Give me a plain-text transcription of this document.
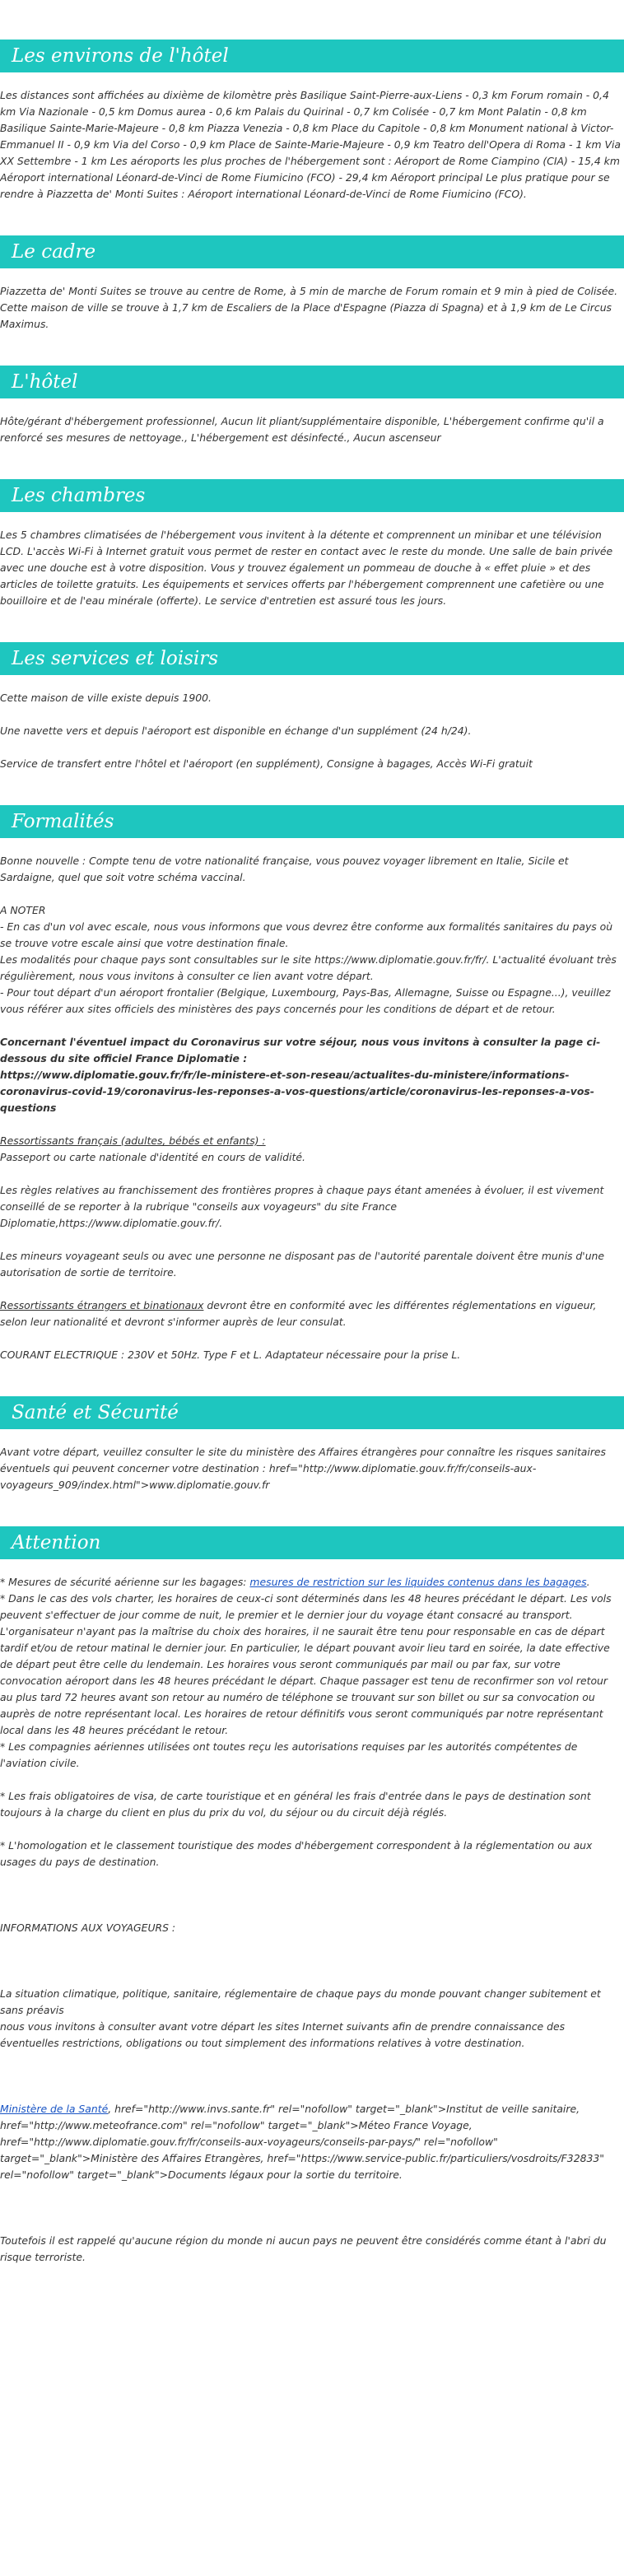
Les environs de l'hôtel

Les distances sont affichées au dixième de kilomètre près Basilique Saint-Pierre-aux-Liens - 0,3 km Forum romain - 0,4 km Via Nazionale - 0,5 km Domus aurea - 0,6 km Palais du Quirinal - 0,7 km Colisée - 0,7 km Mont Palatin - 0,8 km Basilique Sainte-Marie-Majeure - 0,8 km Piazza Venezia - 0,8 km Place du Capitole - 0,8 km Monument national à Victor-Emmanuel II - 0,9 km Via del Corso - 0,9 km Place de Sainte-Marie-Majeure - 0,9 km Teatro dell'Opera di Roma - 1 km Via XX Settembre - 1 km Les aéroports les plus proches de l'hébergement sont : Aéroport de Rome Ciampino (CIA) - 15,4 km Aéroport international Léonard-de-Vinci de Rome Fiumicino (FCO) - 29,4 km Aéroport principal Le plus pratique pour se rendre à Piazzetta de' Monti Suites : Aéroport international Léonard-de-Vinci de Rome Fiumicino (FCO).

Le cadre

Piazzetta de' Monti Suites se trouve au centre de Rome, à 5 min de marche de Forum romain et 9 min à pied de Colisée. Cette maison de ville se trouve à 1,7 km de Escaliers de la Place d'Espagne (Piazza di Spagna) et à 1,9 km de Le Circus Maximus.

L'hôtel

Hôte/gérant d'hébergement professionnel, Aucun lit pliant/supplémentaire disponible, L'hébergement confirme qu'il a renforcé ses mesures de nettoyage., L'hébergement est désinfecté., Aucun ascenseur

Les chambres

Les 5 chambres climatisées de l'hébergement vous invitent à la détente et comprennent un minibar et une télévision LCD. L'accès Wi-Fi à Internet gratuit vous permet de rester en contact avec le reste du monde. Une salle de bain privée avec une douche est à votre disposition. Vous y trouvez également un pommeau de douche à « effet pluie » et des articles de toilette gratuits. Les équipements et services offerts par l'hébergement comprennent une cafetière ou une bouilloire et de l'eau minérale (offerte). Le service d'entretien est assuré tous les jours.

Les services et loisirs

Cette maison de ville existe depuis 1900.

Une navette vers et depuis l'aéroport est disponible en échange d'un supplément (24 h/24).

Service de transfert entre l'hôtel et l'aéroport (en supplément), Consigne à bagages, Accès Wi-Fi gratuit

Formalités

Bonne nouvelle : Compte tenu de votre nationalité française, vous pouvez voyager librement en Italie, Sicile et Sardaigne, quel que soit votre schéma vaccinal.

A NOTER

- En cas d'un vol avec escale, nous vous informons que vous devrez être conforme aux formalités sanitaires du pays où se trouve votre escale ainsi que votre destination finale.

Les modalités pour chaque pays sont consultables sur le site https://www.diplomatie.gouv.fr/fr/. L'actualité évoluant très régulièrement, nous vous invitons à consulter ce lien avant votre départ.

- Pour tout départ d'un aéroport frontalier (Belgique, Luxembourg, Pays-Bas, Allemagne, Suisse ou Espagne...), veuillez vous référer aux sites officiels des ministères des pays concernés pour les conditions de départ et de retour.

Concernant l'éventuel impact du Coronavirus sur votre séjour, nous vous invitons à consulter la page ci-dessous du site officiel France Diplomatie :

https://www.diplomatie.gouv.fr/fr/le-ministere-et-son-reseau/actualites-du-ministere/informations-coronavirus-covid-19/coronavirus-les-reponses-a-vos-questions/article/coronavirus-les-reponses-a-vos-questions

Ressortissants français (adultes, bébés et enfants) :

Passeport ou carte nationale d'identité en cours de validité.

Les règles relatives au franchissement des frontières propres à chaque pays étant amenées à évoluer, il est vivement conseillé de se reporter à la rubrique "conseils aux voyageurs" du site France Diplomatie,https://www.diplomatie.gouv.fr/.

Les mineurs voyageant seuls ou avec une personne ne disposant pas de l'autorité parentale doivent être munis d'une autorisation de sortie de territoire.

Ressortissants étrangers et binationaux devront être en conformité avec les différentes réglementations en vigueur, selon leur nationalité et devront s'informer auprès de leur consulat.

COURANT ELECTRIQUE : 230V et 50Hz. Type F et L. Adaptateur nécessaire pour la prise L.

Santé et Sécurité

Avant votre départ, veuillez consulter le site du ministère des Affaires étrangères pour connaître les risques sanitaires éventuels qui peuvent concerner votre destination : href="http://www.diplomatie.gouv.fr/fr/conseils-aux-voyageurs_909/index.html">www.diplomatie.gouv.fr

Attention

* Mesures de sécurité aérienne sur les bagages: mesures de restriction sur les liquides contenus dans les bagages.

* Dans le cas des vols charter, les horaires de ceux-ci sont déterminés dans les 48 heures précédant le départ. Les vols peuvent s'effectuer de jour comme de nuit, le premier et le dernier jour du voyage étant consacré au transport. L'organisateur n'ayant pas la maîtrise du choix des horaires, il ne saurait être tenu pour responsable en cas de départ tardif et/ou de retour matinal le dernier jour. En particulier, le départ pouvant avoir lieu tard en soirée, la date effective de départ peut être celle du lendemain. Les horaires vous seront communiqués par mail ou par fax, sur votre convocation aéroport dans les 48 heures précédant le départ. Chaque passager est tenu de reconfirmer son vol retour au plus tard 72 heures avant son retour au numéro de téléphone se trouvant sur son billet ou sur sa convocation ou auprès de notre représentant local. Les horaires de retour définitifs vous seront communiqués par notre représentant local dans les 48 heures précédant le retour.

* Les compagnies aériennes utilisées ont toutes reçu les autorisations requises par les autorités compétentes de l'aviation civile.

* Les frais obligatoires de visa, de carte touristique et en général les frais d'entrée dans le pays de destination sont toujours à la charge du client en plus du prix du vol, du séjour ou du circuit déjà réglés.

* L'homologation et le classement touristique des modes d'hébergement correspondent à la réglementation ou aux usages du pays de destination.

INFORMATIONS AUX VOYAGEURS :

La situation climatique, politique, sanitaire, réglementaire de chaque pays du monde pouvant changer subitement et sans préavis

nous vous invitons à consulter avant votre départ les sites Internet suivants afin de prendre connaissance des éventuelles restrictions, obligations ou tout simplement des informations relatives à votre destination.

Ministère de la Santé, href="http://www.invs.sante.fr" rel="nofollow" target="_blank">Institut de veille sanitaire, href="http://www.meteofrance.com" rel="nofollow" target="_blank">Méteo France Voyage, href="http://www.diplomatie.gouv.fr/fr/conseils-aux-voyageurs/conseils-par-pays/" rel="nofollow" target="_blank">Ministère des Affaires Etrangères, href="https://www.service-public.fr/particuliers/vosdroits/F32833" rel="nofollow" target="_blank">Documents légaux pour la sortie du territoire.

Toutefois il est rappelé qu'aucune région du monde ni aucun pays ne peuvent être considérés comme étant à l'abri du risque terroriste.
